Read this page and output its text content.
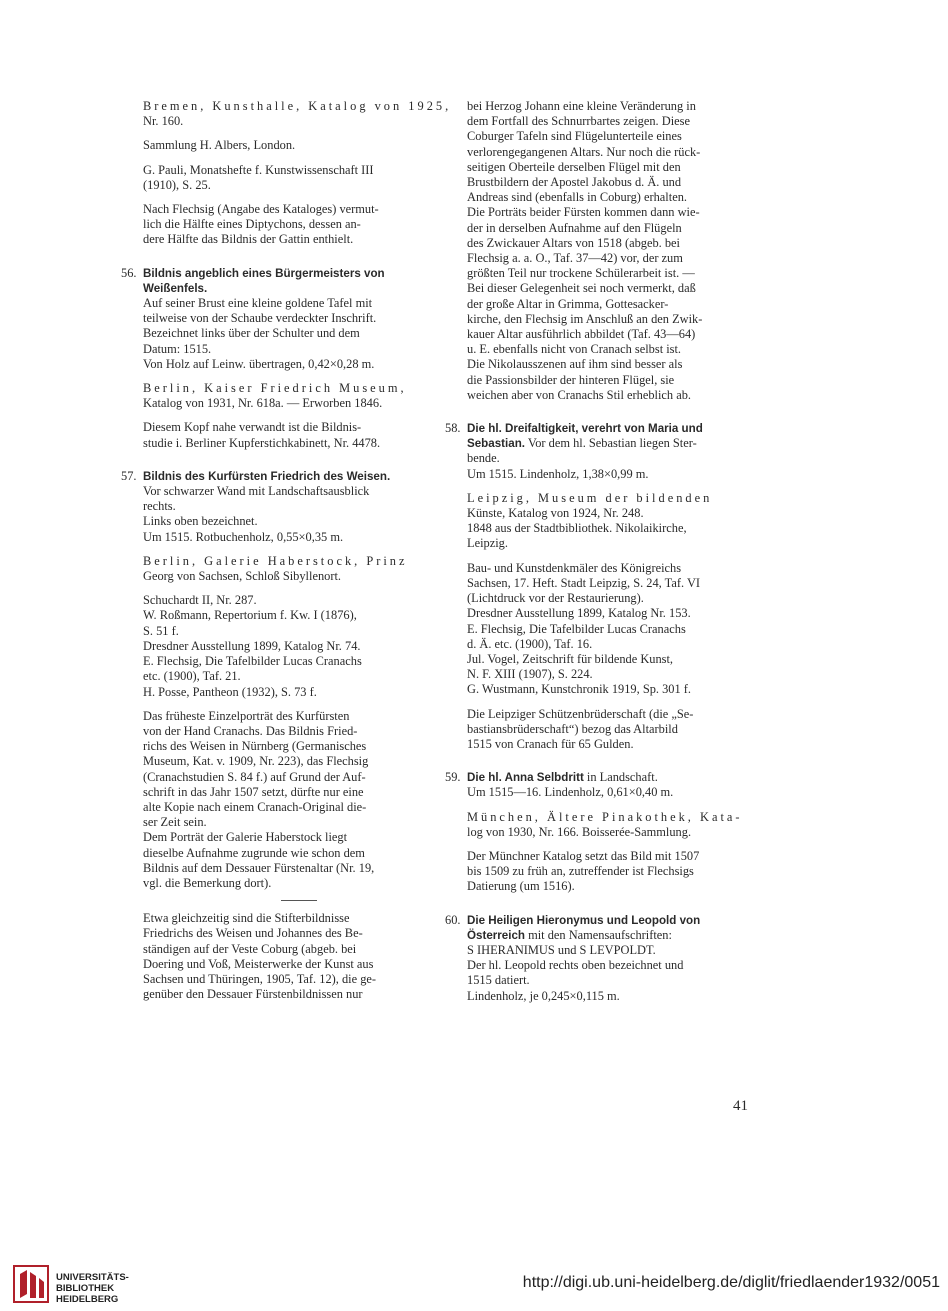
Bremen, Kunsthalle, Katalog von 1925,
Nr. 160.
Sammlung H. Albers, London.
G. Pauli, Monatshefte f. Kunstwissenschaft III
(1910), S. 25.
Nach Flechsig (Angabe des Kataloges) vermut-
lich die Hälfte eines Diptychons, dessen an-
dere Hälfte das Bildnis der Gattin enthielt.
56. Bildnis angeblich eines Bürgermeisters von
Weißenfels.
Auf seiner Brust eine kleine goldene Tafel mit
teilweise von der Schaube verdeckter Inschrift.
Bezeichnet links über der Schulter und dem
Datum: 1515.
Von Holz auf Leinw. übertragen, 0,42×0,28 m.
Berlin, Kaiser Friedrich Museum,
Katalog von 1931, Nr. 618a. — Erworben 1846.
Diesem Kopf nahe verwandt ist die Bildnis-
studie i. Berliner Kupferstichkabinett, Nr. 4478.
57. Bildnis des Kurfürsten Friedrich des Weisen.
Vor schwarzer Wand mit Landschaftsausblick
rechts.
Links oben bezeichnet.
Um 1515. Rotbuchenholz, 0,55×0,35 m.
Berlin, Galerie Haberstock, Prinz
Georg von Sachsen, Schloß Sibyllenort.
Schuchardt II, Nr. 287.
W. Roßmann, Repertorium f. Kw. I (1876),
S. 51 f.
Dresdner Ausstellung 1899, Katalog Nr. 74.
E. Flechsig, Die Tafelbilder Lucas Cranachs
etc. (1900), Taf. 21.
H. Posse, Pantheon (1932), S. 73 f.
Das früheste Einzelporträt des Kurfürsten
von der Hand Cranachs. Das Bildnis Fried-
richs des Weisen in Nürnberg (Germanisches
Museum, Kat. v. 1909, Nr. 223), das Flechsig
(Cranachstudien S. 84 f.) auf Grund der Auf-
schrift in das Jahr 1507 setzt, dürfte nur eine
alte Kopie nach einem Cranach-Original die-
ser Zeit sein.
Dem Porträt der Galerie Haberstock liegt
dieselbe Aufnahme zugrunde wie schon dem
Bildnis auf dem Dessauer Fürstenaltar (Nr. 19,
vgl. die Bemerkung dort).
Etwa gleichzeitig sind die Stifterbildnisse
Friedrichs des Weisen und Johannes des Be-
ständigen auf der Veste Coburg (abgeb. bei
Doering und Voß, Meisterwerke der Kunst aus
Sachsen und Thüringen, 1905, Taf. 12), die ge-
genüber den Dessauer Fürstenbildnissen nur
bei Herzog Johann eine kleine Veränderung in
dem Fortfall des Schnurrbartes zeigen. Diese
Coburger Tafeln sind Flügelunterteile eines
verlorengegangenen Altars. Nur noch die rück-
seitigen Oberteile derselben Flügel mit den
Brustbildern der Apostel Jakobus d. Ä. und
Andreas sind (ebenfalls in Coburg) erhalten.
Die Porträts beider Fürsten kommen dann wie-
der in derselben Aufnahme auf den Flügeln
des Zwickauer Altars von 1518 (abgeb. bei
Flechsig a. a. O., Taf. 37—42) vor, der zum
größten Teil nur trockene Schülerarbeit ist. —
Bei dieser Gelegenheit sei noch vermerkt, daß
der große Altar in Grimma, Gottesacker-
kirche, den Flechsig im Anschluß an den Zwik-
kauer Altar ausführlich abbildet (Taf. 43—64)
u. E. ebenfalls nicht von Cranach selbst ist.
Die Nikolausszenen auf ihm sind besser als
die Passionsbilder der hinteren Flügel, sie
weichen aber von Cranachs Stil erheblich ab.
58. Die hl. Dreifaltigkeit, verehrt von Maria und
Sebastian. Vor dem hl. Sebastian liegen Ster-
bende.
Um 1515. Lindenholz, 1,38×0,99 m.
Leipzig, Museum der bildenden
Künste, Katalog von 1924, Nr. 248.
1848 aus der Stadtbibliothek. Nikolaikirche,
Leipzig.
Bau- und Kunstdenkmäler des Königreichs
Sachsen, 17. Heft. Stadt Leipzig, S. 24, Taf. VI
(Lichtdruck vor der Restaurierung).
Dresdner Ausstellung 1899, Katalog Nr. 153.
E. Flechsig, Die Tafelbilder Lucas Cranachs
d. Ä. etc. (1900), Taf. 16.
Jul. Vogel, Zeitschrift für bildende Kunst,
N. F. XIII (1907), S. 224.
G. Wustmann, Kunstchronik 1919, Sp. 301 f.
Die Leipziger Schützenbrüderschaft (die „Se-
bastiansbrüderschaft“) bezog das Altarbild
1515 von Cranach für 65 Gulden.
59. Die hl. Anna Selbdritt in Landschaft.
Um 1515—16. Lindenholz, 0,61×0,40 m.
München, Ältere Pinakothek, Kata-
log von 1930, Nr. 166. Boisserée-Sammlung.
Der Münchner Katalog setzt das Bild mit 1507
bis 1509 zu früh an, zutreffender ist Flechsigs
Datierung (um 1516).
60. Die Heiligen Hieronymus und Leopold von
Österreich mit den Namensaufschriften:
S IHERANIMUS und S LEVPOLDT.
Der hl. Leopold rechts oben bezeichnet und
1515 datiert.
Lindenholz, je 0,245×0,115 m.
41
UNIVERSITÄTS-
BIBLIOTHEK
HEIDELBERG
http://digi.ub.uni-heidelberg.de/diglit/friedlaender1932/0051
